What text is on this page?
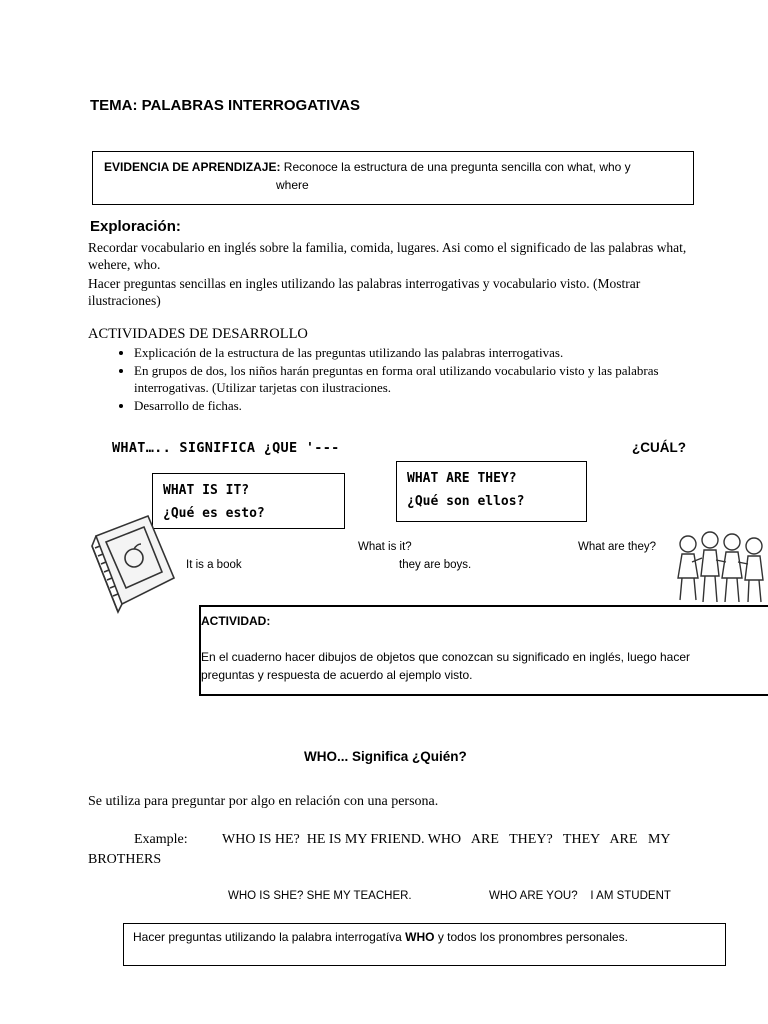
TEMA: PALABRAS INTERROGATIVAS
EVIDENCIA DE APRENDIZAJE: Reconoce la estructura de una pregunta sencilla con what, who y
where
Exploración:
Recordar vocabulario en inglés sobre la familia, comida, lugares. Asi como el significado de las palabras what,
wehere, who.
Hacer preguntas sencillas en ingles utilizando las palabras interrogativas y vocabulario visto. (Mostrar
ilustraciones)
ACTIVIDADES DE DESARROLLO
• Explicación de la estructura de las preguntas utilizando las palabras interrogativas.
• En grupos de dos, los niños harán preguntas en forma oral utilizando vocabulario visto y las palabras interrogativas. (Utilizar tarjetas con ilustraciones.
• Desarrollo de fichas.
WHAT….. SIGNIFICA ¿QUE '---	¿CUÁL?
WHAT IS IT?
¿Qué es esto?
WHAT ARE THEY?
¿Qué son ellos?
What is it?	What are they?
It is a book	they are boys.
ACTIVIDAD:
En el cuaderno hacer dibujos de objetos que conozcan su significado en inglés, luego hacer
preguntas y respuesta de acuerdo al ejemplo visto.
WHO... Significa ¿Quién?
Se utiliza para preguntar por algo en relación con una persona.
Example: WHO IS HE?  HE IS MY FRIEND. WHO   ARE   THEY?   THEY   ARE   MY
BROTHERS
WHO IS SHE? SHE MY TEACHER.	WHO ARE YOU?    I AM STUDENT
Hacer preguntas utilizando la palabra interrogatíva WHO y todos los pronombres personales.
